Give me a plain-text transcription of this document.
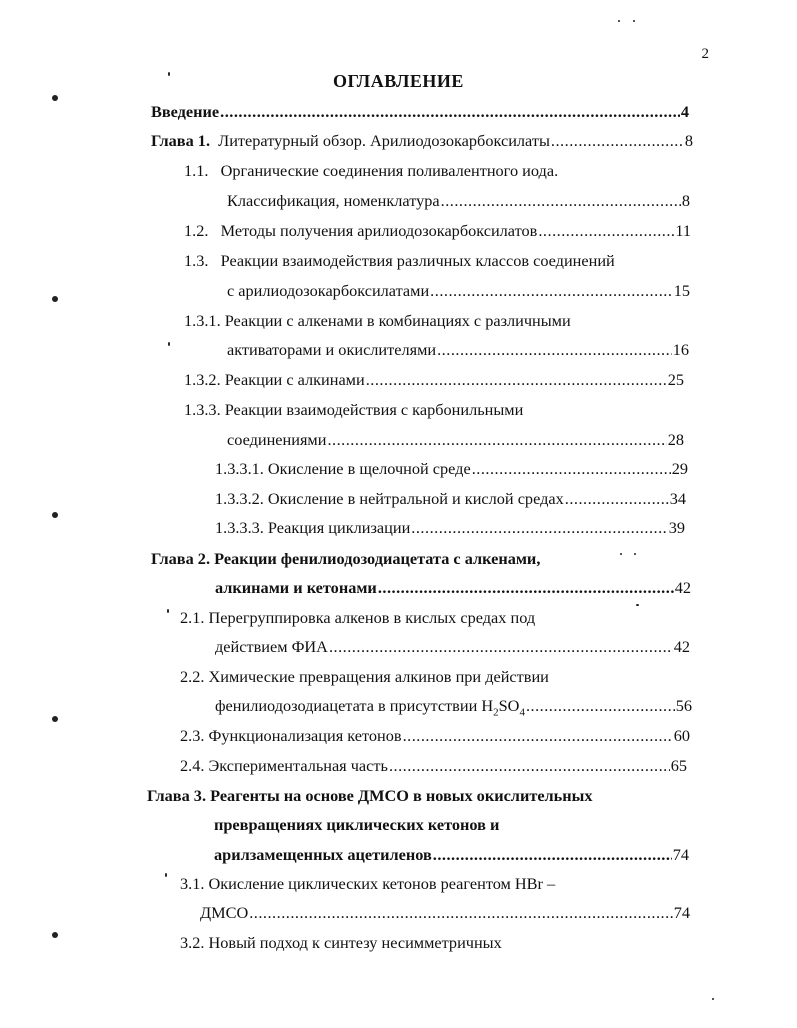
2
ОГЛАВЛЕНИЕ
Введение .....	4
Глава 1. Литературный обзор. Арилиодозокарбоксилаты .....	8
1.1. Органические соединения поливалентного иода.
Классификация, номенклатура .....	8
1.2. Методы получения арилиодозокарбоксилатов .....	11
1.3. Реакции взаимодействия различных классов соединений
с арилиодозокарбоксилатами .....	15
1.3.1. Реакции с алкенами в комбинациях с различными
активаторами и окислителями .....	16
1.3.2. Реакции с алкинами .....	25
1.3.3. Реакции взаимодействия с карбонильными
соединениями .....	28
1.3.3.1. Окисление в щелочной среде .....	29
1.3.3.2. Окисление в нейтральной и кислой средах .....	34
1.3.3.3. Реакция циклизации .....	39
Глава 2. Реакции фенилиодозодиацетата с алкенами,
алкинами и кетонами .....	42
2.1. Перегруппировка алкенов в кислых средах под
действием ФИА .....	42
2.2. Химические превращения алкинов при действии
фенилиодозодиацетата в присутствии $H_2SO_4$ .....	56
2.3. Функционализация кетонов .....	60
2.4. Экспериментальная часть .....	65
Глава 3. Реагенты на основе ДМСО в новых окислительных
превращениях циклических кетонов и
арилзамещенных ацетиленов .....	74
3.1. Окисление циклических кетонов реагентом HBr –
ДМСО .....	74
3.2. Новый подход к синтезу несимметричных
